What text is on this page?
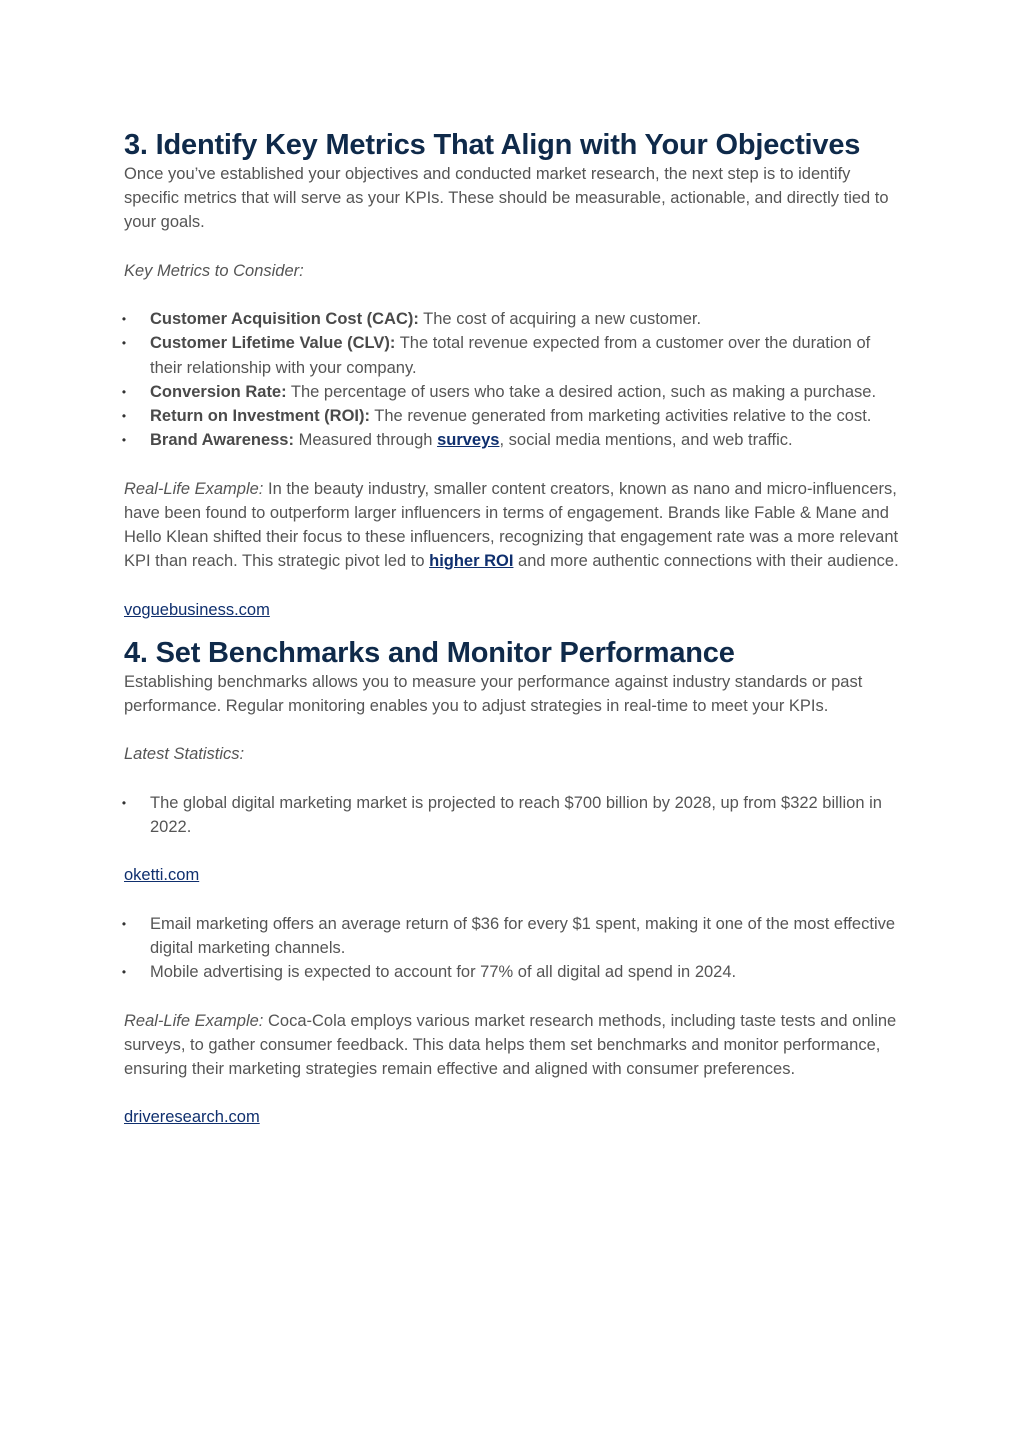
3. Identify Key Metrics That Align with Your Objectives

Once you’ve established your objectives and conducted market research, the next step is to identify specific metrics that will serve as your KPIs. These should be measurable, actionable, and directly tied to your goals.

Key Metrics to Consider:

• Customer Acquisition Cost (CAC): The cost of acquiring a new customer.
• Customer Lifetime Value (CLV): The total revenue expected from a customer over the duration of their relationship with your company.
• Conversion Rate: The percentage of users who take a desired action, such as making a purchase.
• Return on Investment (ROI): The revenue generated from marketing activities relative to the cost.
• Brand Awareness: Measured through surveys, social media mentions, and web traffic.

Real-Life Example: In the beauty industry, smaller content creators, known as nano and micro-influencers, have been found to outperform larger influencers in terms of engagement. Brands like Fable & Mane and Hello Klean shifted their focus to these influencers, recognizing that engagement rate was a more relevant KPI than reach. This strategic pivot led to higher ROI and more authentic connections with their audience.

voguebusiness.com

4. Set Benchmarks and Monitor Performance

Establishing benchmarks allows you to measure your performance against industry standards or past performance. Regular monitoring enables you to adjust strategies in real-time to meet your KPIs.

Latest Statistics:

• The global digital marketing market is projected to reach $700 billion by 2028, up from $322 billion in 2022.

oketti.com

• Email marketing offers an average return of $36 for every $1 spent, making it one of the most effective digital marketing channels.
• Mobile advertising is expected to account for 77% of all digital ad spend in 2024.

Real-Life Example: Coca-Cola employs various market research methods, including taste tests and online surveys, to gather consumer feedback. This data helps them set benchmarks and monitor performance, ensuring their marketing strategies remain effective and aligned with consumer preferences.

driveresearch.com
